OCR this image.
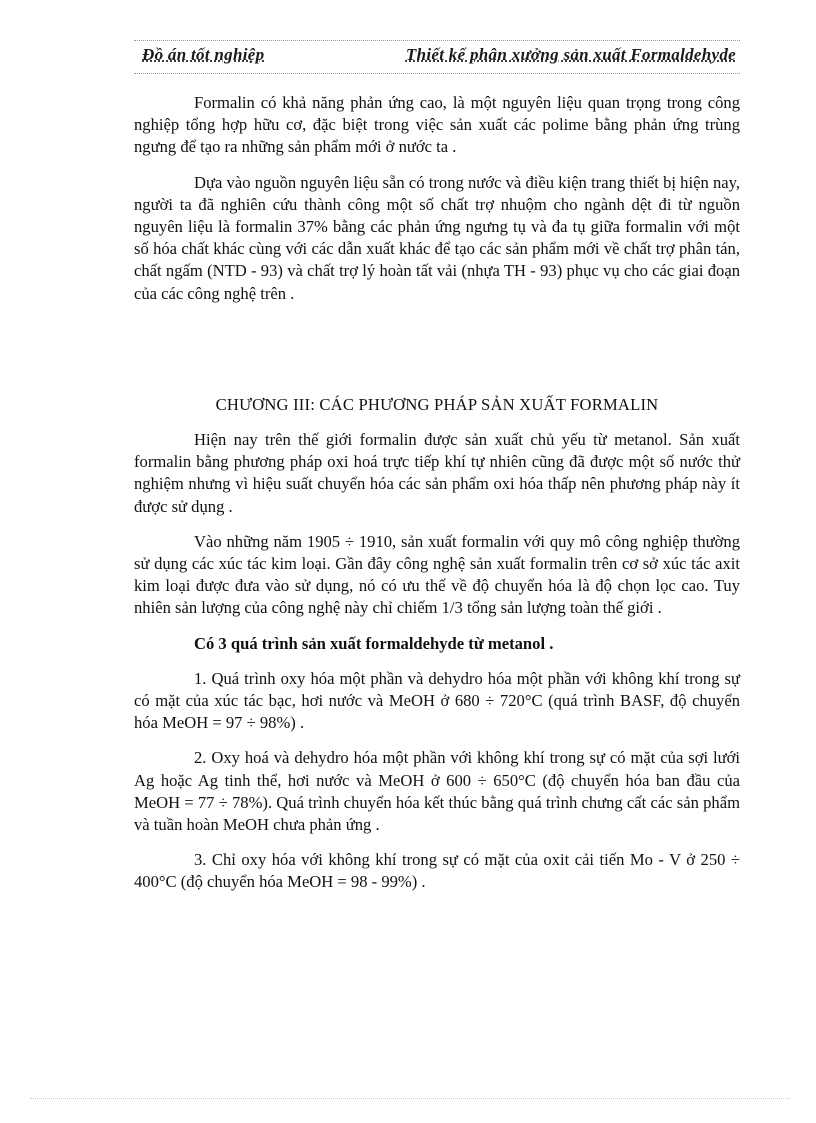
Đồ án tốt nghiệp	Thiết kế phân xưởng sản xuất Formaldehyde

Formalin có khả năng phản ứng cao, là một nguyên liệu quan trọng trong công nghiệp tổng hợp hữu cơ, đặc biệt trong việc sản xuất các polime bằng phản ứng trùng ngưng để tạo ra những sản phẩm mới ở nước ta .

Dựa vào nguồn nguyên liệu sẵn có trong nước và điều kiện trang thiết bị hiện nay, người ta đã nghiên cứu thành công một số chất trợ nhuộm cho ngành dệt đi từ nguồn nguyên liệu là formalin 37% bằng các phản ứng ngưng tụ và đa tụ giữa formalin với một số hóa chất khác cùng với các dẫn xuất khác để tạo các sản phẩm mới về chất trợ phân tán, chất ngấm (NTD - 93) và chất trợ lý hoàn tất vải (nhựa TH - 93) phục vụ cho các giai đoạn của các công nghệ trên .

CHƯƠNG III: CÁC PHƯƠNG PHÁP SẢN XUẤT FORMALIN

Hiện nay trên thế giới formalin được sản xuất chủ yếu từ metanol. Sản xuất formalin bằng phương pháp oxi hoá trực tiếp khí tự nhiên cũng đã được một số nước thử nghiệm nhưng vì hiệu suất chuyển hóa các sản phẩm oxi hóa thấp nên phương pháp này ít được sử dụng .

Vào những năm 1905 ÷ 1910, sản xuất formalin với quy mô công nghiệp thường sử dụng các xúc tác kim loại. Gần đây công nghệ sản xuất formalin trên cơ sở xúc tác axit kim loại được đưa vào sử dụng, nó có ưu thế về độ chuyển hóa là độ chọn lọc cao. Tuy nhiên sản lượng của công nghệ này chỉ chiếm 1/3 tổng sản lượng toàn thế giới .

Có 3 quá trình sản xuất formaldehyde từ metanol .

1. Quá trình oxy hóa một phần và dehydro hóa một phần với không khí trong sự có mặt của xúc tác bạc, hơi nước và MeOH ở 680 ÷ 720°C (quá trình BASF, độ chuyển hóa MeOH = 97 ÷ 98%) .

2. Oxy hoá và dehydro hóa một phần với không khí trong sự có mặt của sợi lưới Ag hoặc Ag tinh thể, hơi nước và MeOH ở 600 ÷ 650°C (độ chuyển hóa ban đầu của MeOH = 77 ÷ 78%). Quá trình chuyển hóa kết thúc bằng quá trình chưng cất các sản phẩm và tuần hoàn MeOH chưa phản ứng .

3. Chỉ oxy hóa với không khí trong sự có mặt của oxit cải tiến Mo - V ở 250 ÷ 400°C (độ chuyển hóa MeOH = 98 - 99%) .
